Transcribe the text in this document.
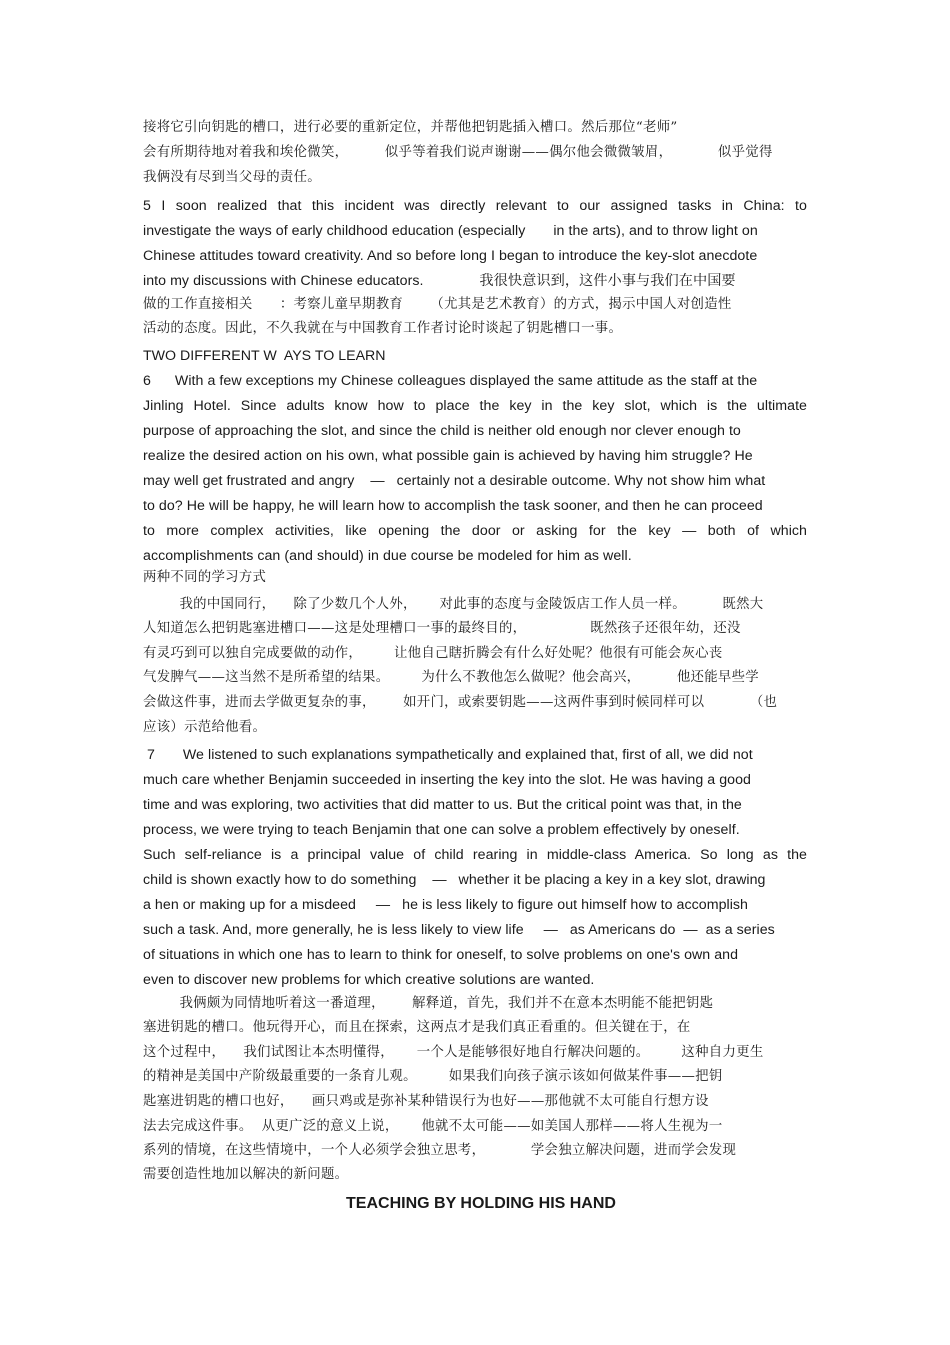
接将它引向钥匙的槽口，进行必要的重新定位，并帮他把钥匙插入槽口。然后那位“老师”
会有所期待地对着我和埃伦微笑，        似乎等着我们说声谢谢——偶尔他会微微皱眉，          似乎觉得
我俩没有尽到当父母的责任。
5 I soon realized that this incident was directly relevant to our assigned tasks in China: to
investigate the ways of early childhood education (especially       in the arts), and to throw light on
Chinese attitudes toward creativity. And so before long I began to introduce the key-slot anecdote
into my discussions with Chinese educators.              我很快意识到，这件小事与我们在中国要
做的工作直接相关      ：考察儿童早期教育      （尤其是艺术教育）的方式，揭示中国人对创造性
活动的态度。因此，不久我就在与中国教育工作者讨论时谈起了钥匙槽口一事。
TWO DIFFERENT W  AYS TO LEARN
6      With a few exceptions my Chinese colleagues displayed the same attitude as the staff at the
Jinling Hotel. Since adults know how to place the key in the key slot, which is the ultimate
purpose of approaching the slot, and since the child is neither old enough nor clever enough to
realize the desired action on his own, what possible gain is achieved by having him struggle? He
may well get frustrated and angry    —   certainly not a desirable outcome. Why not show him what
to do? He will be happy, he will learn how to accomplish the task sooner, and then he can proceed
to more complex activities, like opening the door or asking for the key — both of which
accomplishments can (and should) in due course be modeled for him as well.
两种不同的学习方式
我的中国同行，    除了少数几个人外，     对此事的态度与金陵饭店工作人员一样。        既然大
人知道怎么把钥匙塞进槽口——这是处理槽口一事的最终目的，              既然孩子还很年幼，还没
有灵巧到可以独自完成要做的动作，       让他自己瞎折腾会有什么好处呢？他很有可能会灰心丧
气发脾气——这当然不是所希望的结果。       为什么不教他怎么做呢？他会高兴，        他还能早些学
会做这件事，进而去学做更复杂的事，      如开门，或索要钥匙——这两件事到时候同样可以          （也
应该）示范给他看。
7       We listened to such explanations sympathetically and explained that, first of all, we did not
much care whether Benjamin succeeded in inserting the key into the slot. He was having a good
time and was exploring, two activities that did matter to us. But the critical point was that, in the
process, we were trying to teach Benjamin that one can solve a problem effectively by oneself.
Such self-reliance is a principal value of child rearing in middle-class America. So long as the
child is shown exactly how to do something    —   whether it be placing a key in a key slot, drawing
a hen or making up for a misdeed     —   he is less likely to figure out himself how to accomplish
such a task. And, more generally, he is less likely to view life     —   as Americans do  —  as a series
of situations in which one has to learn to think for oneself, to solve problems on one's own and
even to discover new problems for which creative solutions are wanted.
我俩颇为同情地听着这一番道理，      解释道，首先，我们并不在意本杰明能不能把钥匙
塞进钥匙的槽口。他玩得开心，而且在探索，这两点才是我们真正看重的。但关键在于，在
这个过程中，    我们试图让本杰明懂得，     一个人是能够很好地自行解决问题的。       这种自力更生
的精神是美国中产阶级最重要的一条育儿观。       如果我们向孩子演示该如何做某件事——把钥
匙塞进钥匙的槽口也好，    画只鸡或是弥补某种错误行为也好——那他就不太可能自行想方设
法去完成这件事。  从更广泛的意义上说，     他就不太可能——如美国人那样——将人生视为一
系列的情境，在这些情境中，一个人必须学会独立思考，          学会独立解决问题，进而学会发现
需要创造性地加以解决的新问题。
TEACHING BY HOLDING HIS HAND
